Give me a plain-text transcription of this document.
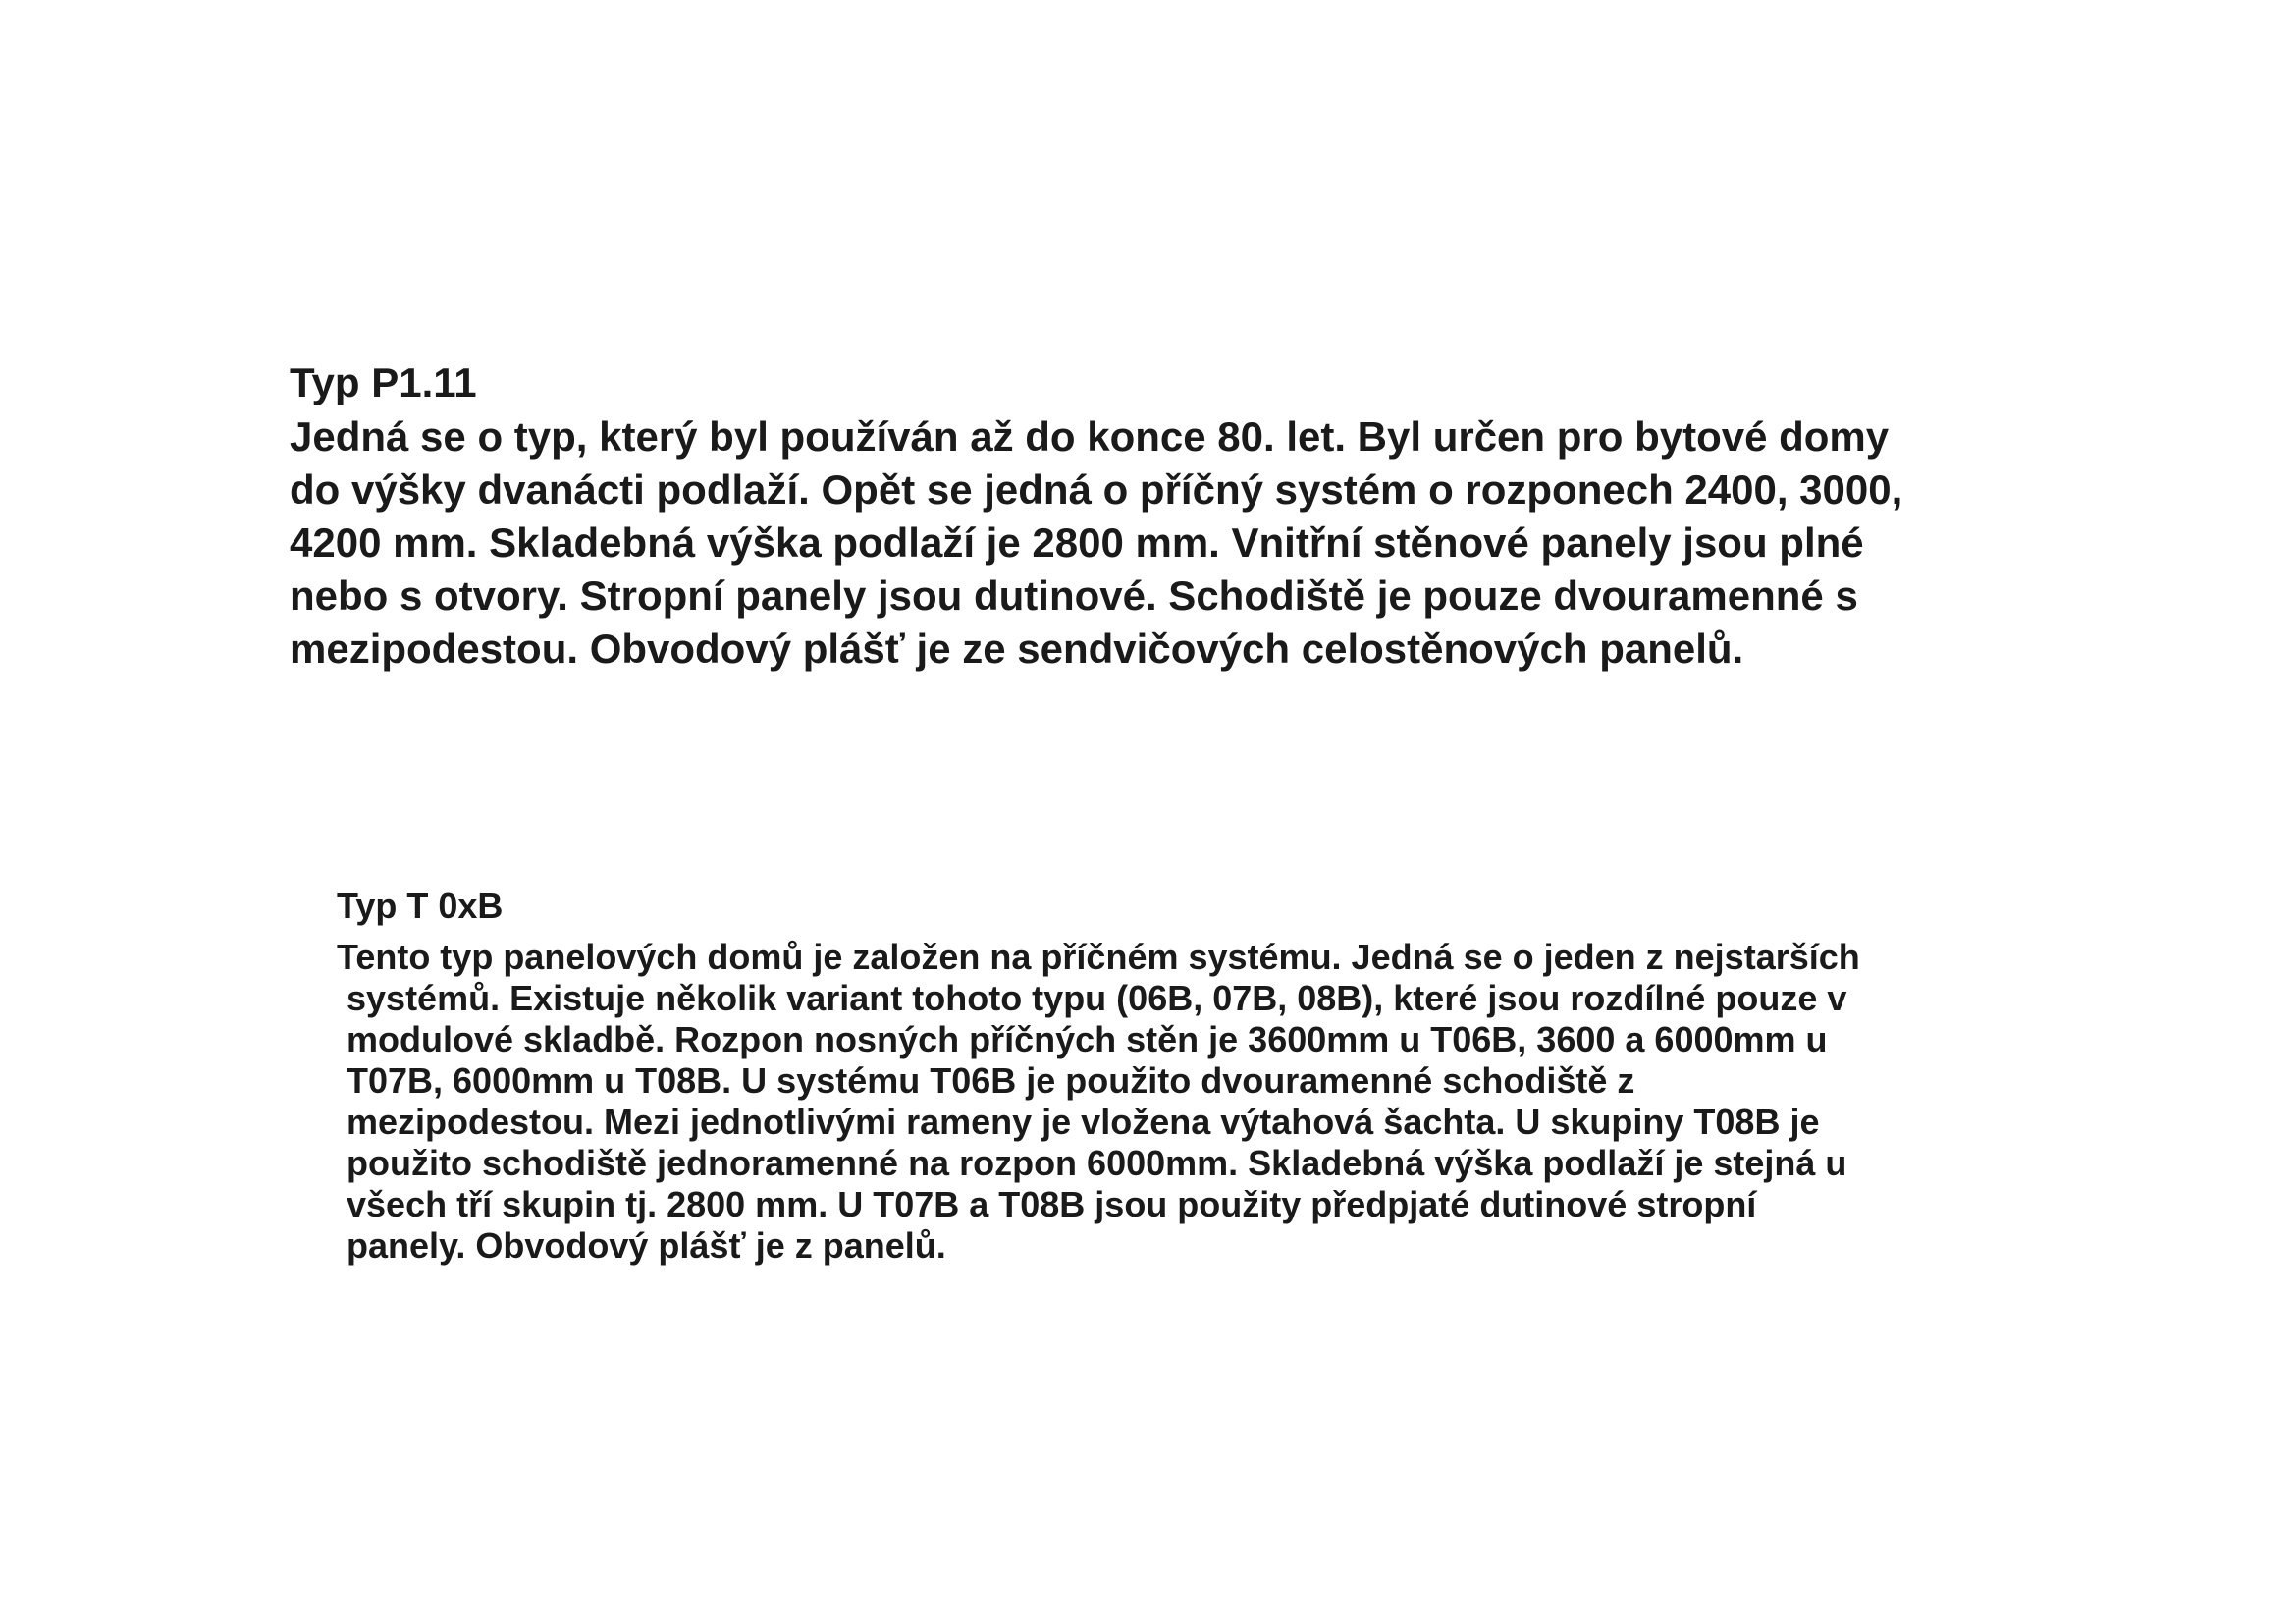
Typ P1.11
Jedná se o typ, který byl používán až do konce 80. let. Byl určen pro bytové domy
do výšky dvanácti podlaží. Opět se jedná o příčný systém o rozponech 2400, 3000,
4200 mm. Skladebná výška podlaží je 2800 mm. Vnitřní stěnové panely jsou plné
nebo s otvory. Stropní panely jsou dutinové. Schodiště je pouze dvouramenné s
mezipodestou. Obvodový plášť je ze sendvičových celostěnových panelů.
Typ T 0xB
Tento typ panelových domů je založen na příčném systému. Jedná se o jeden z nejstarších
systémů. Existuje několik variant tohoto typu (06B, 07B, 08B), které jsou rozdílné pouze v
modulové skladbě. Rozpon nosných příčných stěn je 3600mm u T06B, 3600 a 6000mm u
T07B, 6000mm u T08B. U systému T06B je použito dvouramenné schodiště z
mezipodestou. Mezi jednotlivými rameny je vložena výtahová šachta. U skupiny T08B je
použito schodiště jednoramenné na rozpon 6000mm. Skladebná výška podlaží je stejná u
všech tří skupin tj. 2800 mm. U T07B a T08B jsou použity předpjaté dutinové stropní
panely. Obvodový plášť je z panelů.
